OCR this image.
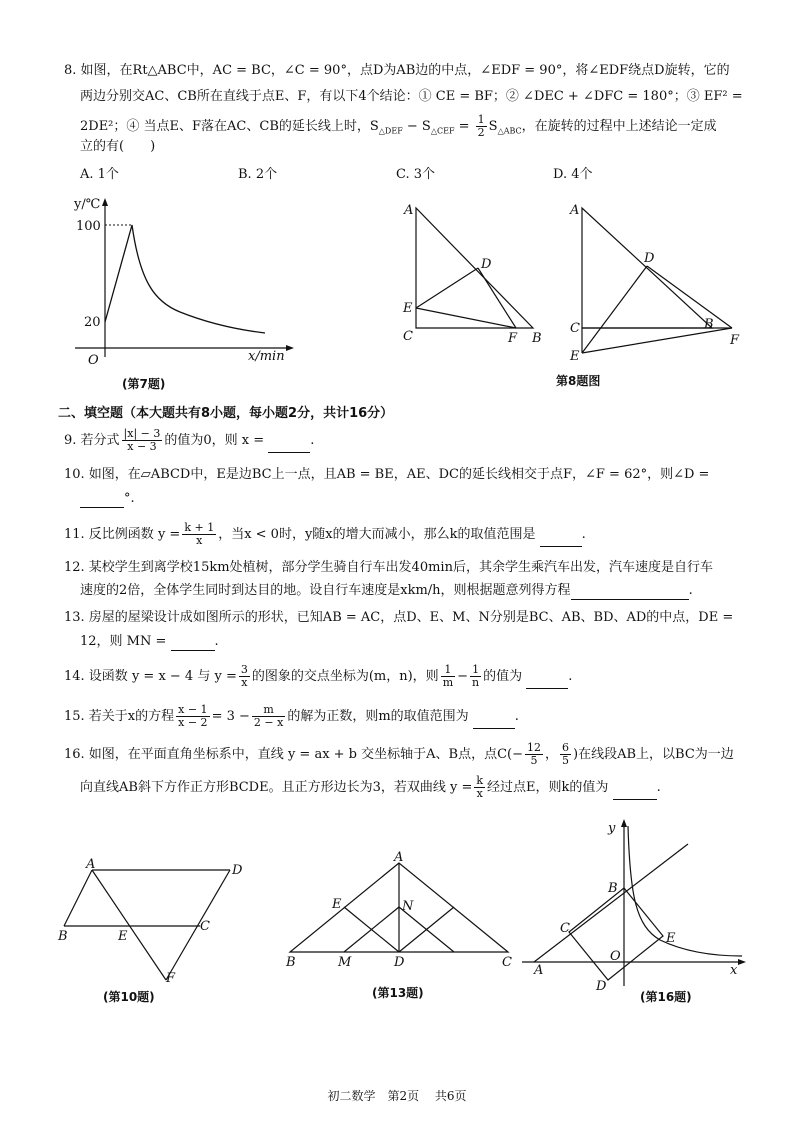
8. 如图，在Rt△ABC中，AC = BC，∠C = 90°，点D为AB边的中点，∠EDF = 90°，将∠EDF绕点D旋转，它的
两边分别交AC、CB所在直线于点E、F，有以下4个结论：① CE = BF；② ∠DEC + ∠DFC = 180°；③ EF² =
2DE²；④ 当点E、F落在AC、CB的延长线上时，$S_{\triangle DEF} - S_{\triangle CEF} = \frac{1}{2} S_{\triangle ABC}$，在旋转的过程中上述结论一定成
立的有(　　)
A. 1个	B. 2个	C. 3个	D. 4个
y/℃
100
20
O	x/min
(第7题)
A
D
E
C	F B
A
D
C	B
F
E
第8题图
二、填空题（本大题共有8小题，每小题2分，共计16分）
9. 若分式 $\frac{|x| - 3}{x - 3}$ 的值为0，则 x =	.
10. 如图，在▱ABCD中，E是边BC上一点，且AB = BE，AE、DC的延长线相交于点F，∠F = 62°，则∠D =
°.
11. 反比例函数 $y = \frac{k + 1}{x}$ ，当x < 0时，y随x的增大而减小，那么k的取值范围是	.
12. 某校学生到离学校15km处植树，部分学生骑自行车出发40min后，其余学生乘汽车出发，汽车速度是自行车
速度的2倍，全体学生同时到达目的地。设自行车速度是xkm/h，则根据题意列得方程	.
13. 房屋的屋梁设计成如图所示的形状，已知AB = AC，点D、E、M、N分别是BC、AB、BD、AD的中点，DE =
12，则 MN =	.
14. 设函数 y = x − 4 与 $y = \frac{3}{x}$ 的图象的交点坐标为(m，n)，则 $\frac{1}{m} - \frac{1}{n}$ 的值为	.
15. 若关于x的方程 $\frac{x - 1}{x - 2} = 3 - \frac{m}{2 - x}$ 的解为正数，则m的取值范围为	.
16. 如图，在平面直角坐标系中，直线 y = ax + b 交坐标轴于A、B点，点$C(- \frac{12}{5}$ ， $\frac{6}{5}$ )在线段AB上，以BC为一边
向直线AB斜下方作正方形BCDE。且正方形边长为3，若双曲线 $y = \frac{k}{x}$ 经过点E，则k的值为	.
A	D
B	E
C
F
(第10题)
A
E	N
B	M	D	C
(第13题)
y
B
C
E
O
A	x
D
(第16题)
初二数学　第2页　 共6页
